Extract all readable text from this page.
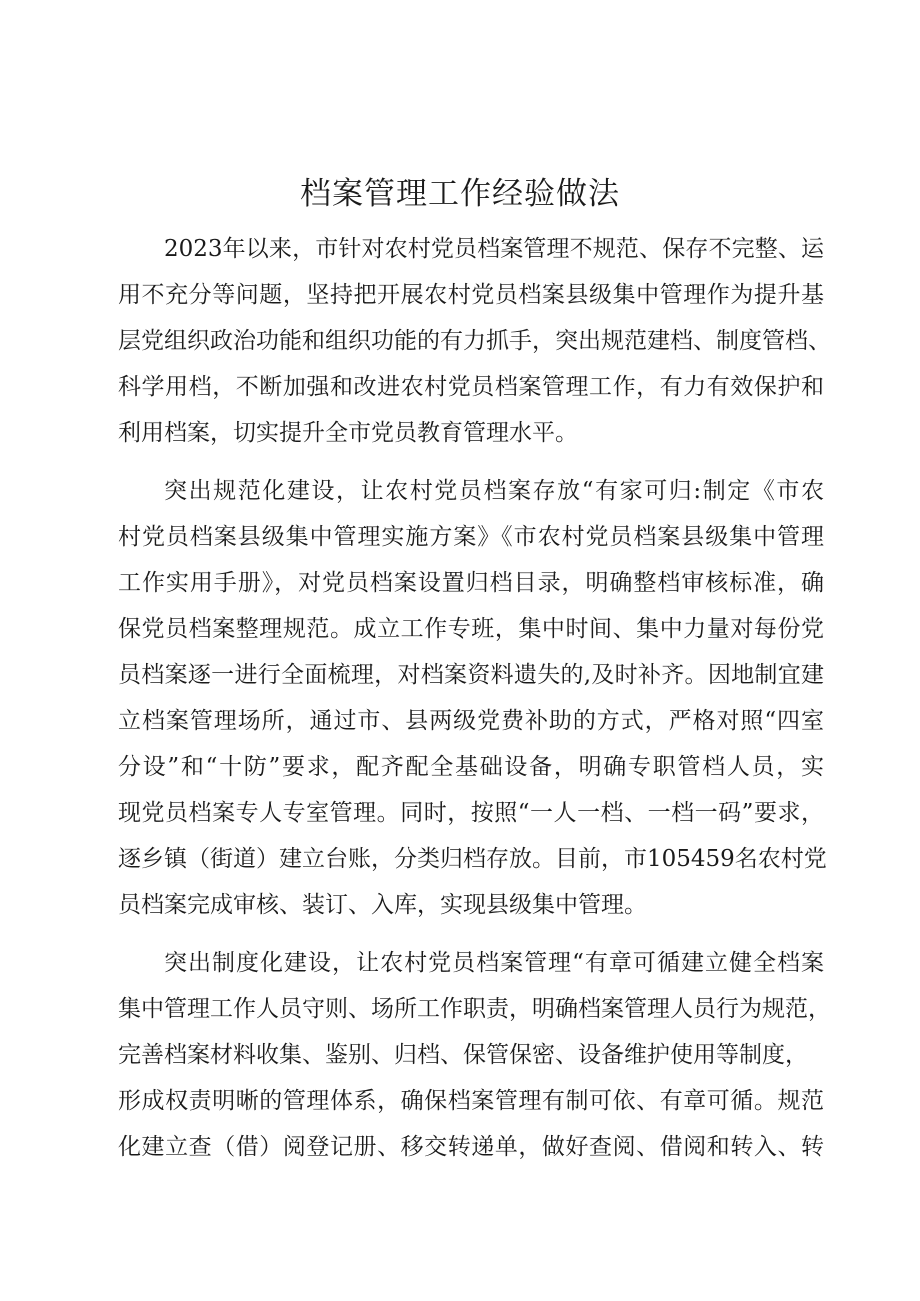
档案管理工作经验做法
2023年以来，市针对农村党员档案管理不规范、保存不完整、运
用不充分等问题，坚持把开展农村党员档案县级集中管理作为提升基
层党组织政治功能和组织功能的有力抓手，突出规范建档、制度管档、
科学用档，不断加强和改进农村党员档案管理工作，有力有效保护和
利用档案，切实提升全市党员教育管理水平。
突出规范化建设，让农村党员档案存放“有家可归:制定《市农
村党员档案县级集中管理实施方案》《市农村党员档案县级集中管理
工作实用手册》，对党员档案设置归档目录，明确整档审核标准，确
保党员档案整理规范。成立工作专班，集中时间、集中力量对每份党
员档案逐一进行全面梳理，对档案资料遗失的,及时补齐。因地制宜建
立档案管理场所，通过市、县两级党费补助的方式，严格对照“四室
分设”和“十防”要求，配齐配全基础设备，明确专职管档人员，实
现党员档案专人专室管理。同时，按照“一人一档、一档一码”要求，
逐乡镇（街道）建立台账，分类归档存放。目前，市105459名农村党
员档案完成审核、装订、入库，实现县级集中管理。
突出制度化建设，让农村党员档案管理“有章可循建立健全档案
集中管理工作人员守则、场所工作职责，明确档案管理人员行为规范，
完善档案材料收集、鉴别、归档、保管保密、设备维护使用等制度，
形成权责明晰的管理体系，确保档案管理有制可依、有章可循。规范
化建立查（借）阅登记册、移交转递单，做好查阅、借阅和转入、转
